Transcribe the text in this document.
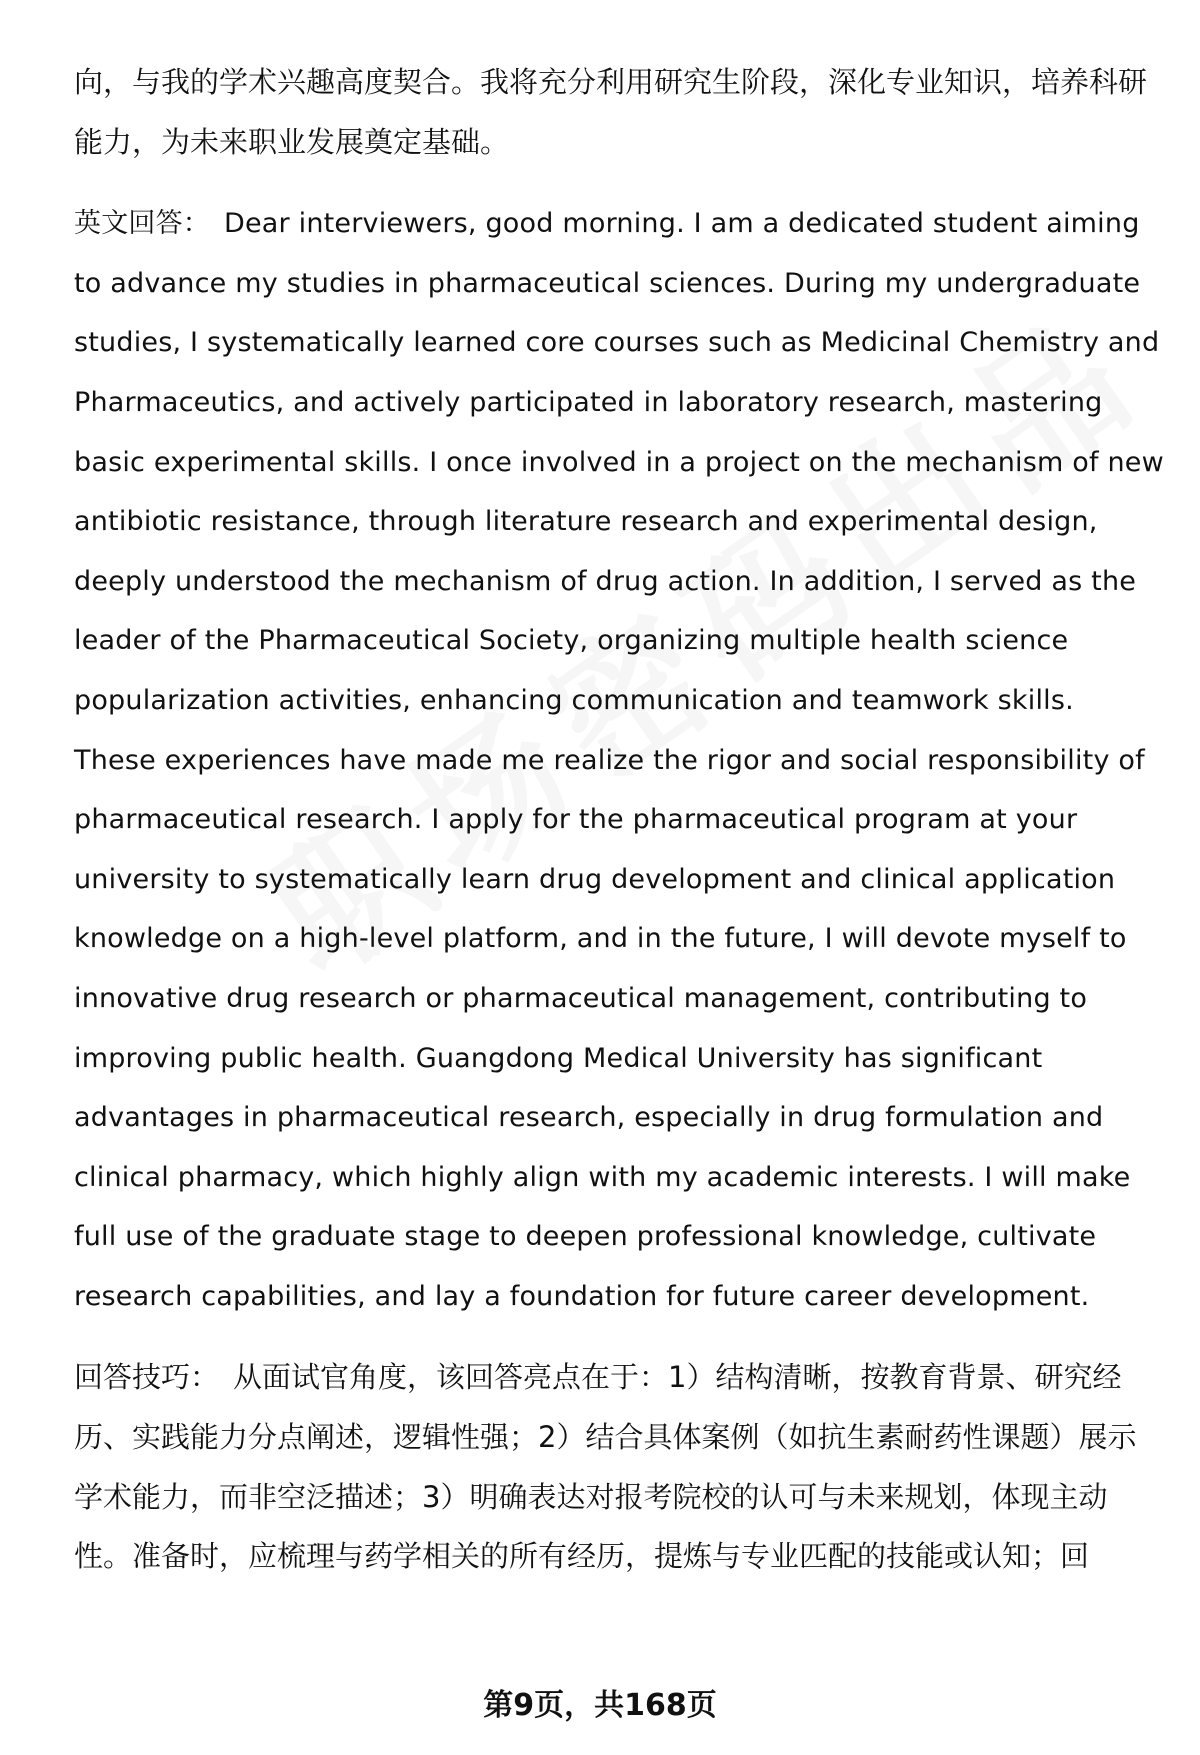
向，与我的学术兴趣高度契合。我将充分利用研究生阶段，深化专业知识，培养科研能力，为未来职业发展奠定基础。

英文回答： Dear interviewers, good morning. I am a dedicated student aiming to advance my studies in pharmaceutical sciences. During my undergraduate studies, I systematically learned core courses such as Medicinal Chemistry and Pharmaceutics, and actively participated in laboratory research, mastering basic experimental skills. I once involved in a project on the mechanism of new antibiotic resistance, through literature research and experimental design, deeply understood the mechanism of drug action. In addition, I served as the leader of the Pharmaceutical Society, organizing multiple health science popularization activities, enhancing communication and teamwork skills. These experiences have made me realize the rigor and social responsibility of pharmaceutical research. I apply for the pharmaceutical program at your university to systematically learn drug development and clinical application knowledge on a high-level platform, and in the future, I will devote myself to innovative drug research or pharmaceutical management, contributing to improving public health. Guangdong Medical University has significant advantages in pharmaceutical research, especially in drug formulation and clinical pharmacy, which highly align with my academic interests. I will make full use of the graduate stage to deepen professional knowledge, cultivate research capabilities, and lay a foundation for future career development.

回答技巧： 从面试官角度，该回答亮点在于：1）结构清晰，按教育背景、研究经历、实践能力分点阐述，逻辑性强；2）结合具体案例（如抗生素耐药性课题）展示学术能力，而非空泛描述；3）明确表达对报考院校的认可与未来规划，体现主动性。准备时，应梳理与药学相关的所有经历，提炼与专业匹配的技能或认知；回

第9页，共168页
